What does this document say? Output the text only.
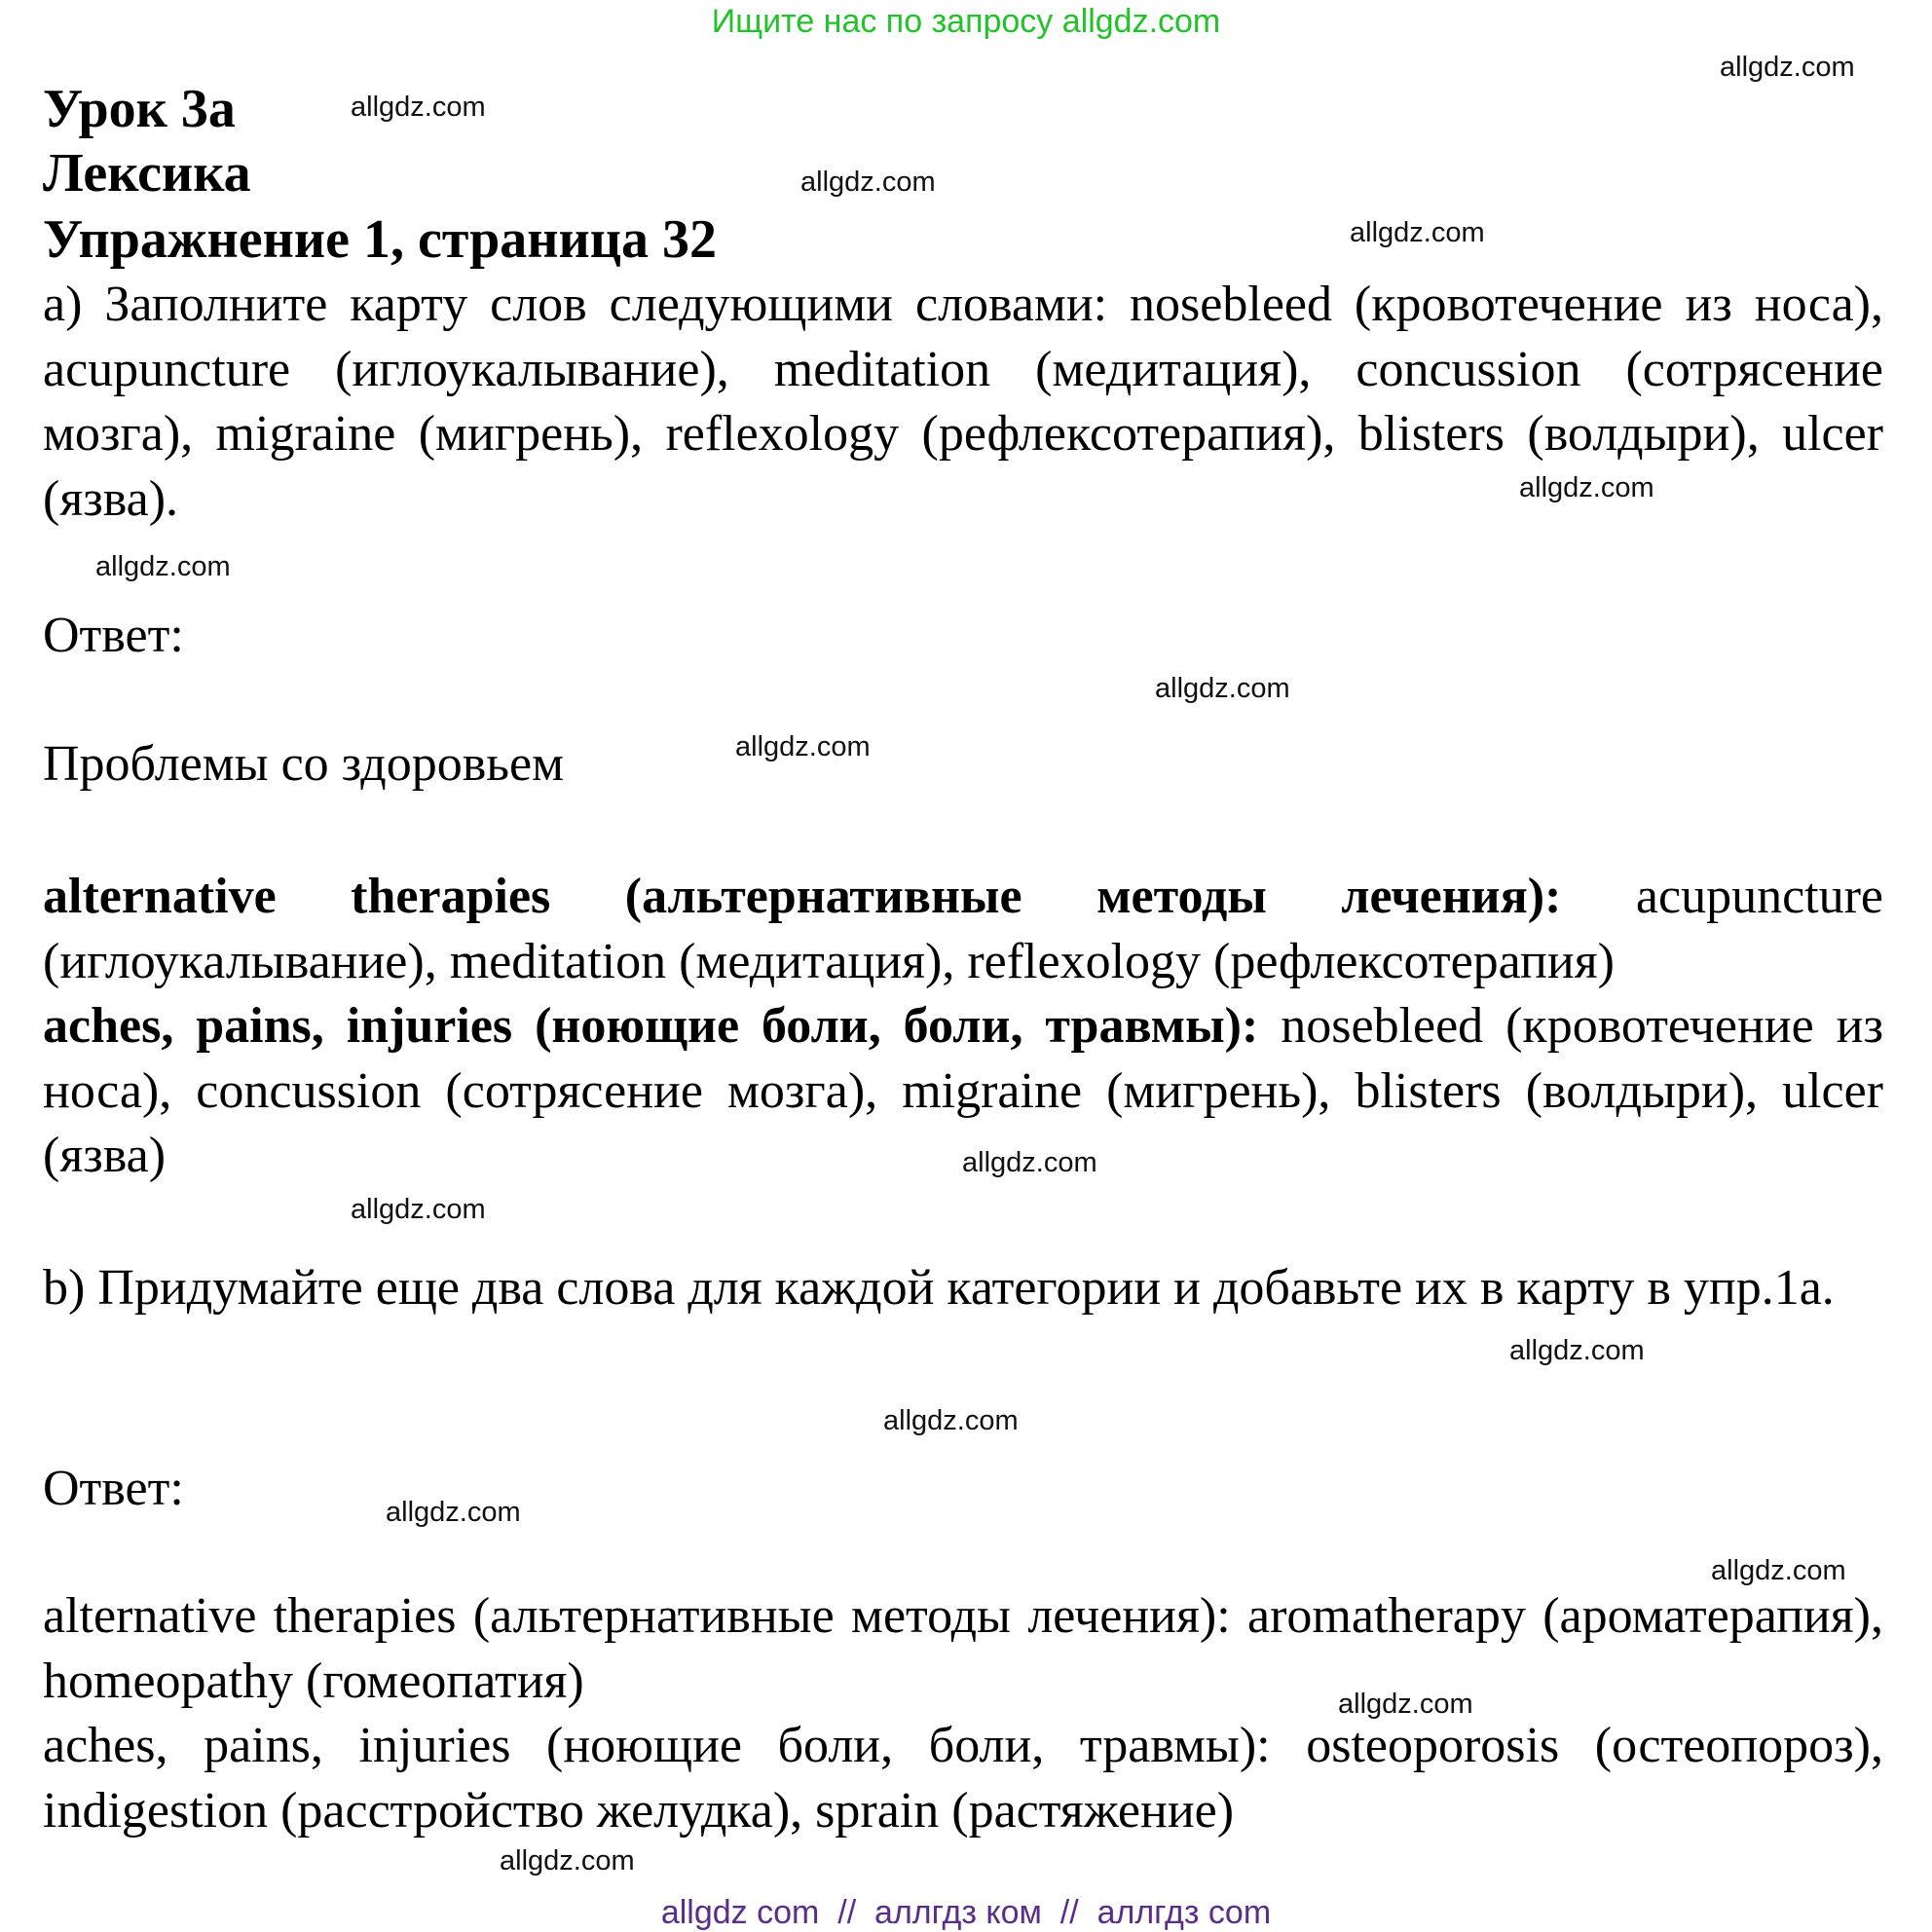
Ищите нас по запросу allgdz.com
Урок 3a
Лексика
Упражнение 1, страница 32
a) Заполните карту слов следующими словами: nosebleed (кровотечение из носа), acupuncture (иглоукалывание), meditation (медитация), concussion (сотрясение мозга), migraine (мигрень), reflexology (рефлексотерапия), blisters (волдыри), ulcer (язва).
Ответ:
Проблемы со здоровьем
alternative therapies (альтернативные методы лечения): acupuncture (иглоукалывание), meditation (медитация), reflexology (рефлексотерапия)
aches, pains, injuries (ноющие боли, боли, травмы): nosebleed (кровотечение из носа), concussion (сотрясение мозга), migraine (мигрень), blisters (волдыри), ulcer (язва)
b) Придумайте еще два слова для каждой категории и добавьте их в карту в упр.1a.
Ответ:
alternative therapies (альтернативные методы лечения): aromatherapy (ароматерапия), homeopathy (гомеопатия)
aches, pains, injuries (ноющие боли, боли, травмы): osteoporosis (остеопороз), indigestion (расстройство желудка), sprain (растяжение)
allgdz.com
allgdz.com
allgdz.com
allgdz.com
allgdz.com
allgdz.com
allgdz.com
allgdz.com
allgdz.com
allgdz.com
allgdz.com
allgdz.com
allgdz.com
allgdz.com
allgdz.com
allgdz.com
allgdz com  //  аллгдз ком  //  аллгдз com
